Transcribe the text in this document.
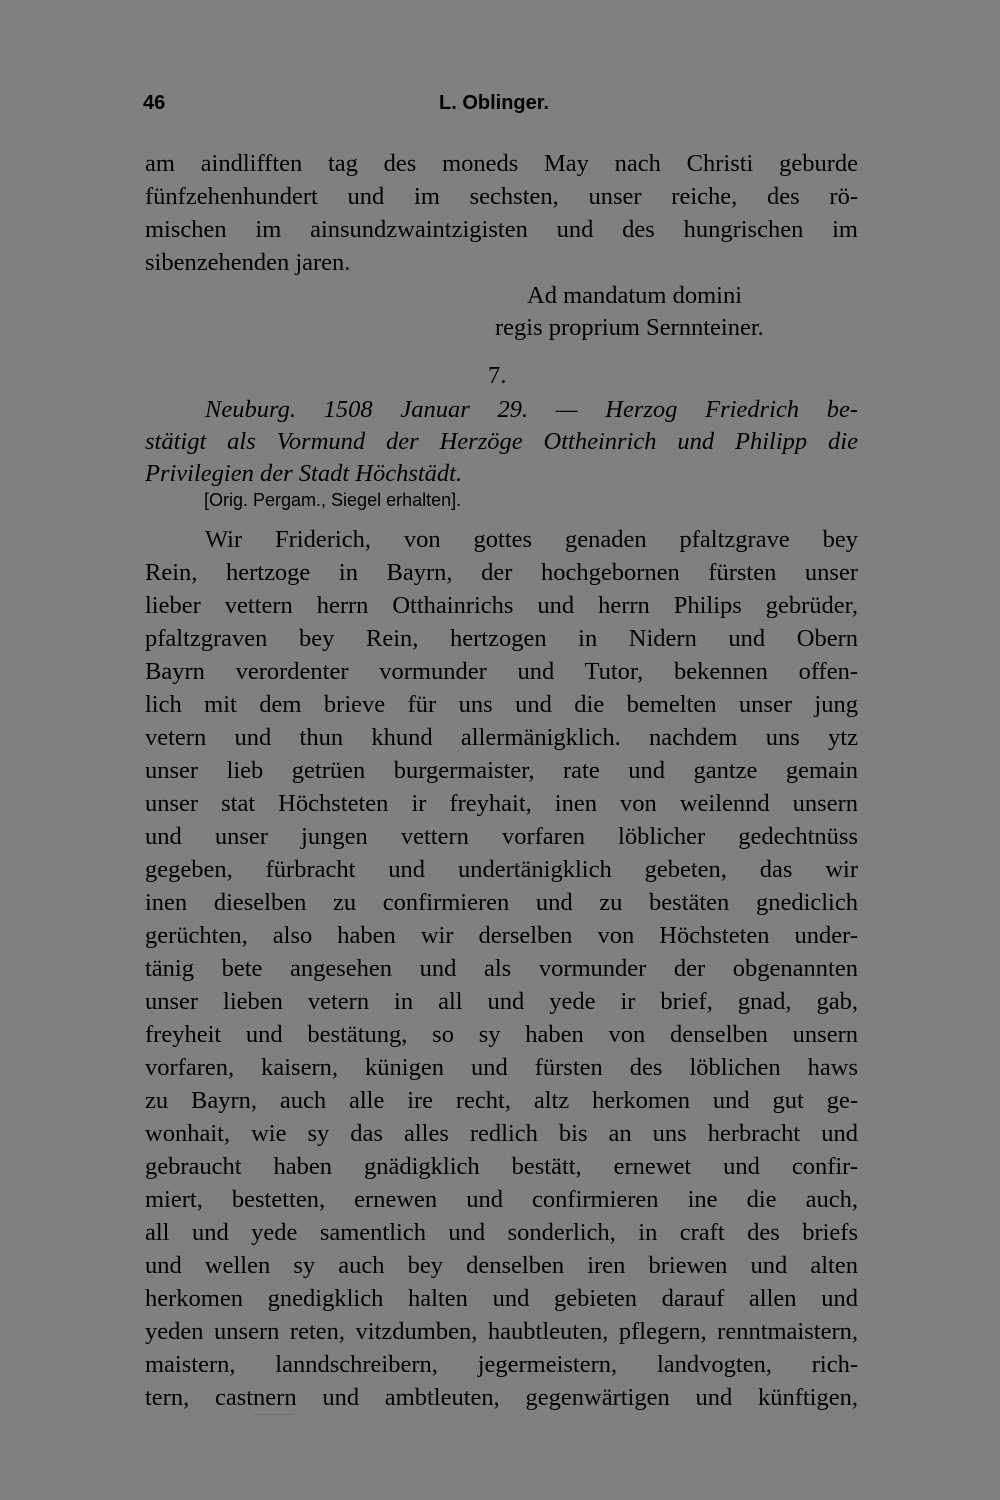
46	L. Oblinger.
am aindlifften tag des moneds May nach Christi geburde
fünfzehenhundert und im sechsten, unser reiche, des rö-
mischen im ainsundzwaintzigisten und des hungrischen im
sibenzehenden jaren.
Ad mandatum domini
regis proprium Sernnteiner.
7.
Neuburg. 1508 Januar 29. — Herzog Friedrich be-
stätigt als Vormund der Herzöge Ottheinrich und Philipp die
Privilegien der Stadt Höchstädt.
[Orig. Pergam., Siegel erhalten].
Wir Friderich, von gottes genaden pfaltzgrave bey
Rein, hertzoge in Bayrn, der hochgebornen fürsten unser
lieber vettern herrn Otthainrichs und herrn Philips gebrüder,
pfaltzgraven bey Rein, hertzogen in Nidern und Obern
Bayrn verordenter vormunder und Tutor, bekennen offen-
lich mit dem brieve für uns und die bemelten unser jung
vetern und thun khund allermänigklich. nachdem uns ytz
unser lieb getrüen burgermaister, rate und gantze gemain
unser stat Höchsteten ir freyhait, inen von weilennd unsern
und unser jungen vettern vorfaren löblicher gedechtnüss
gegeben, fürbracht und undertänigklich gebeten, das wir
inen dieselben zu confirmieren und zu bestäten gnediclich
gerüchten, also haben wir derselben von Höchsteten under-
tänig bete angesehen und als vormunder der obgenannten
unser lieben vetern in all und yede ir brief, gnad, gab,
freyheit und bestätung, so sy haben von denselben unsern
vorfaren, kaisern, künigen und fürsten des löblichen haws
zu Bayrn, auch alle ire recht, altz herkomen und gut ge-
wonhait, wie sy das alles redlich bis an uns herbracht und
gebraucht haben gnädigklich bestätt, ernewet und confir-
miert, bestetten, ernewen und confirmieren ine die auch,
all und yede samentlich und sonderlich, in craft des briefs
und wellen sy auch bey denselben iren briewen und alten
herkomen gnedigklich halten und gebieten darauf allen und
yeden unsern reten, vitzdumben, haubtleuten, pflegern, renntmaistern,
maistern, lanndschreibern, jegermeistern, landvogten, rich-
tern, castnern und ambtleuten, gegenwärtigen und künftigen,
